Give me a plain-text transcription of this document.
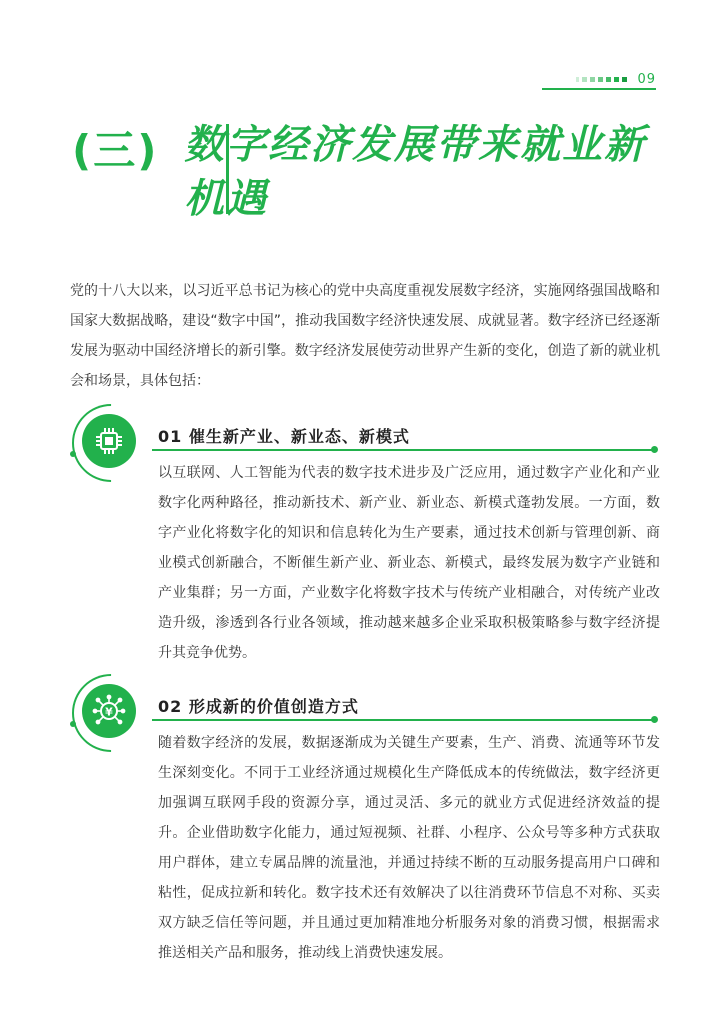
09
(三) 数字经济发展带来就业新机遇
党的十八大以来，以习近平总书记为核心的党中央高度重视发展数字经济，实施网络强国战略和国家大数据战略，建设“数字中国”，推动我国数字经济快速发展、成就显著。数字经济已经逐渐发展为驱动中国经济增长的新引擎。数字经济发展使劳动世界产生新的变化，创造了新的就业机会和场景，具体包括：
01 催生新产业、新业态、新模式
以互联网、人工智能为代表的数字技术进步及广泛应用，通过数字产业化和产业数字化两种路径，推动新技术、新产业、新业态、新模式蓬勃发展。一方面，数字产业化将数字化的知识和信息转化为生产要素，通过技术创新与管理创新、商业模式创新融合，不断催生新产业、新业态、新模式，最终发展为数字产业链和产业集群；另一方面，产业数字化将数字技术与传统产业相融合，对传统产业改造升级，渗透到各行业各领域，推动越来越多企业采取积极策略参与数字经济提升其竞争优势。
¥	02 形成新的价值创造方式
随着数字经济的发展，数据逐渐成为关键生产要素，生产、消费、流通等环节发生深刻变化。不同于工业经济通过规模化生产降低成本的传统做法，数字经济更加强调互联网手段的资源分享，通过灵活、多元的就业方式促进经济效益的提升。企业借助数字化能力，通过短视频、社群、小程序、公众号等多种方式获取用户群体，建立专属品牌的流量池，并通过持续不断的互动服务提高用户口碑和粘性，促成拉新和转化。数字技术还有效解决了以往消费环节信息不对称、买卖双方缺乏信任等问题，并且通过更加精准地分析服务对象的消费习惯，根据需求推送相关产品和服务，推动线上消费快速发展。
